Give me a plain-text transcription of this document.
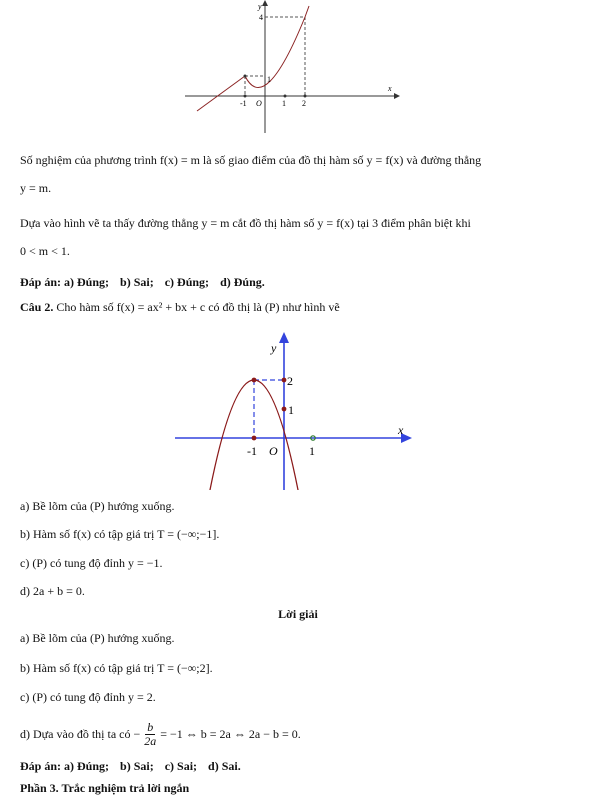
y
x
4
1
-1 O	1 2
Số nghiệm của phương trình f(x) = m là số giao điểm của đồ thị hàm số y = f(x) và đường thẳng
y = m.
Dựa vào hình vẽ ta thấy đường thẳng y = m cắt đồ thị hàm số y = f(x) tại 3 điểm phân biệt khi
0 < m < 1.
Đáp án: a) Đúng; b) Sai; c) Đúng; d) Đúng.
Câu 2. Cho hàm số f(x) = ax² + bx + c có đồ thị là (P) như hình vẽ
y
x
2
1
-1 O	1
a) Bề lõm của (P) hướng xuống.
b) Hàm số f(x) có tập giá trị T = (−∞;−1].
c) (P) có tung độ đỉnh y = −1.
d) 2a + b = 0.
Lời giải
a) Bề lõm của (P) hướng xuống.
b) Hàm số f(x) có tập giá trị T = (−∞;2].
c) (P) có tung độ đỉnh y = 2.
d) Dựa vào đồ thị ta có − $\frac{b}{2a} = -1$ ⇔ b = 2a ⇔ 2a − b = 0.
Đáp án: a) Đúng; b) Sai; c) Sai; d) Sai.
Phần 3. Trắc nghiệm trả lời ngắn
